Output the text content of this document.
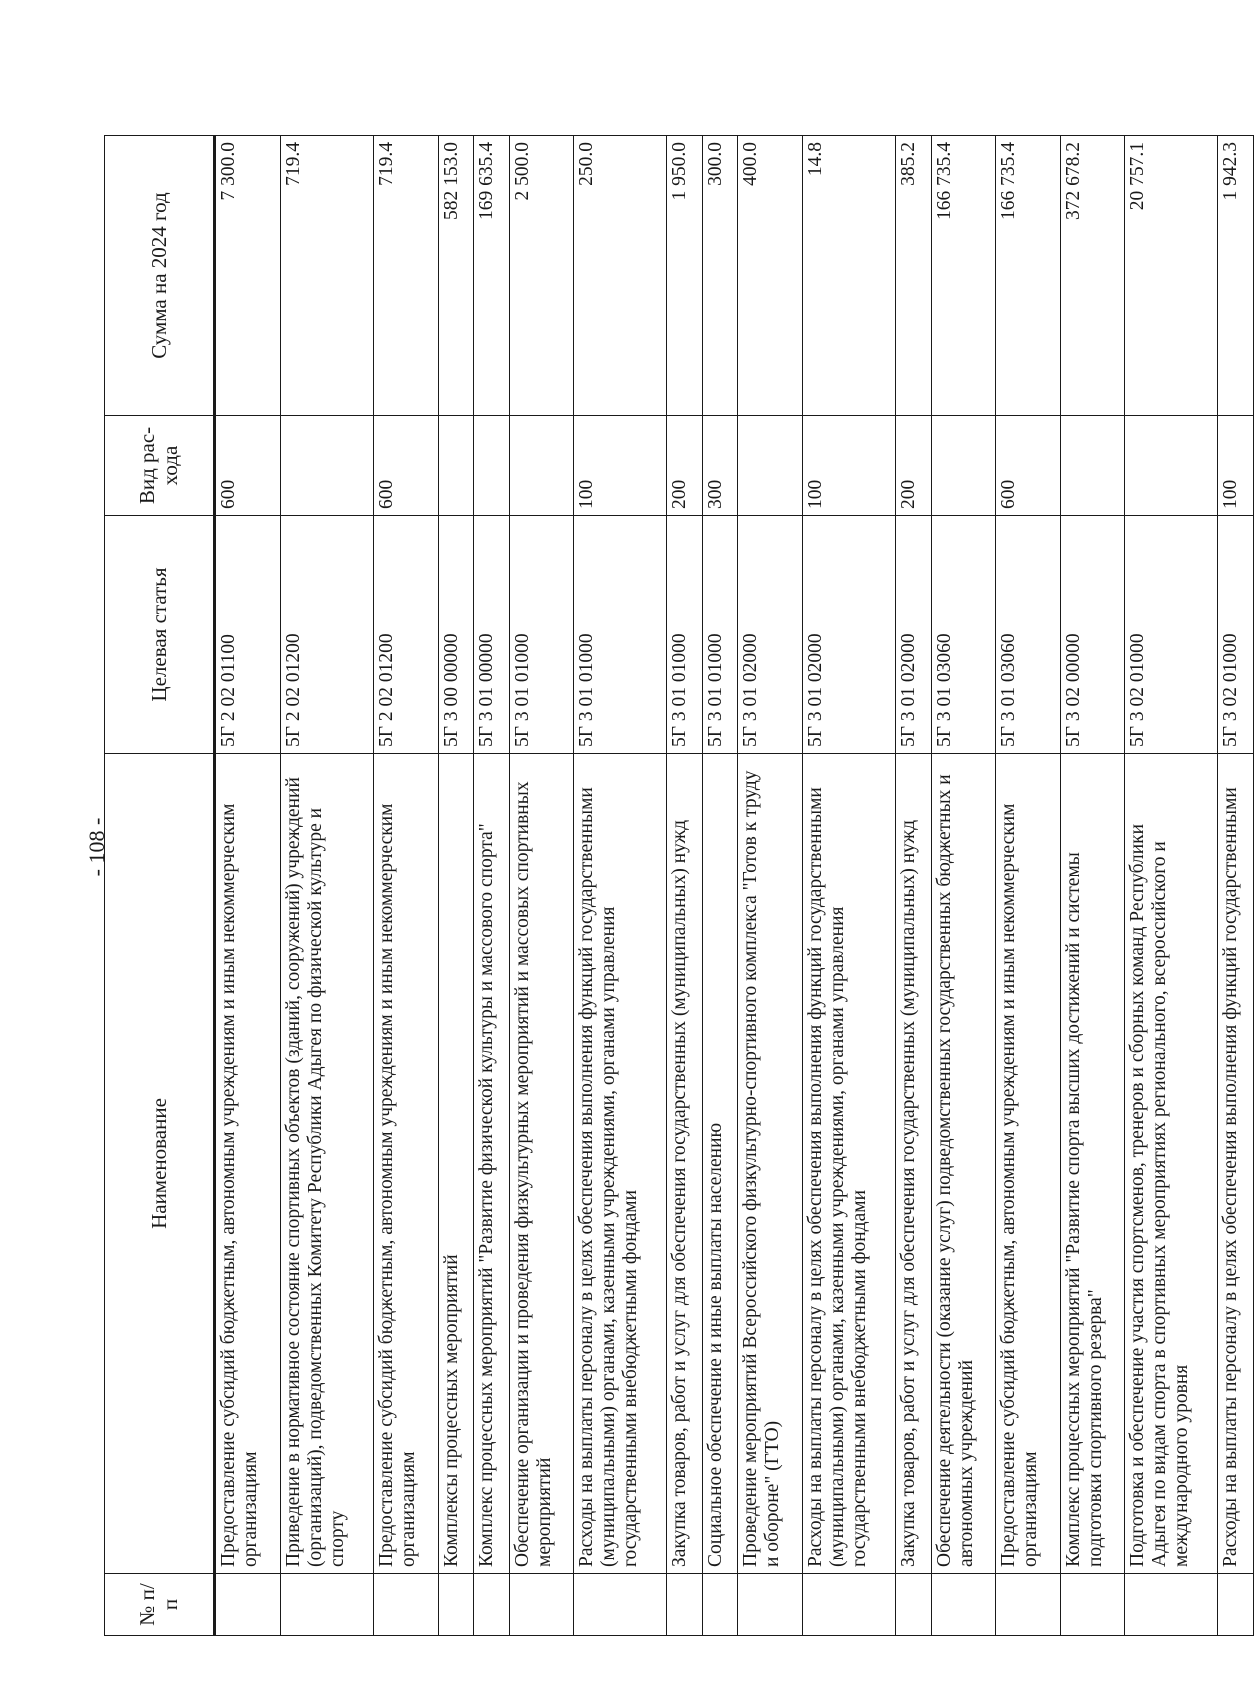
- 108 -
№ п/п	Наименование	Целевая статья	Вид рас-хода	Сумма на 2024 год
	Предоставление субсидий бюджетным, автономным учреждениям и иным некоммерческим организациям	5Г 2 02 01100	600	7 300.0
	Приведение в нормативное состояние спортивных объектов (зданий, сооружений) учреждений (организаций), подведомственных Комитету Республики Адыгея по физической культуре и спорту	5Г 2 02 01200		719.4
	Предоставление субсидий бюджетным, автономным учреждениям и иным некоммерческим организациям	5Г 2 02 01200	600	719.4
	Комплексы процессных мероприятий	5Г 3 00 00000		582 153.0
	Комплекс процессных мероприятий "Развитие физической культуры и массового спорта"	5Г 3 01 00000		169 635.4
	Обеспечение организации и проведения физкультурных мероприятий и массовых спортивных мероприятий	5Г 3 01 01000		2 500.0
	Расходы на выплаты персоналу в целях обеспечения выполнения функций государственными (муниципальными) органами, казенными учреждениями, органами управления государственными внебюджетными фондами	5Г 3 01 01000	100	250.0
	Закупка товаров, работ и услуг для обеспечения государственных (муниципальных) нужд	5Г 3 01 01000	200	1 950.0
	Социальное обеспечение и иные выплаты населению	5Г 3 01 01000	300	300.0
	Проведение мероприятий Всероссийского физкультурно-спортивного комплекса "Готов к труду и обороне" (ГТО)	5Г 3 01 02000		400.0
	Расходы на выплаты персоналу в целях обеспечения выполнения функций государственными (муниципальными) органами, казенными учреждениями, органами управления государственными внебюджетными фондами	5Г 3 01 02000	100	14.8
	Закупка товаров, работ и услуг для обеспечения государственных (муниципальных) нужд	5Г 3 01 02000	200	385.2
	Обеспечение деятельности (оказание услуг) подведомственных государственных бюджетных и автономных учреждений	5Г 3 01 03060		166 735.4
	Предоставление субсидий бюджетным, автономным учреждениям и иным некоммерческим организациям	5Г 3 01 03060	600	166 735.4
	Комплекс процессных мероприятий "Развитие спорта высших достижений и системы подготовки спортивного резерва"	5Г 3 02 00000		372 678.2
	Подготовка и обеспечение участия спортсменов, тренеров и сборных команд Республики Адыгея по видам спорта в спортивных мероприятиях регионального, всероссийского и международного уровня	5Г 3 02 01000		20 757.1
	Расходы на выплаты персоналу в целях обеспечения выполнения функций государственными	5Г 3 02 01000	100	1 942.3
